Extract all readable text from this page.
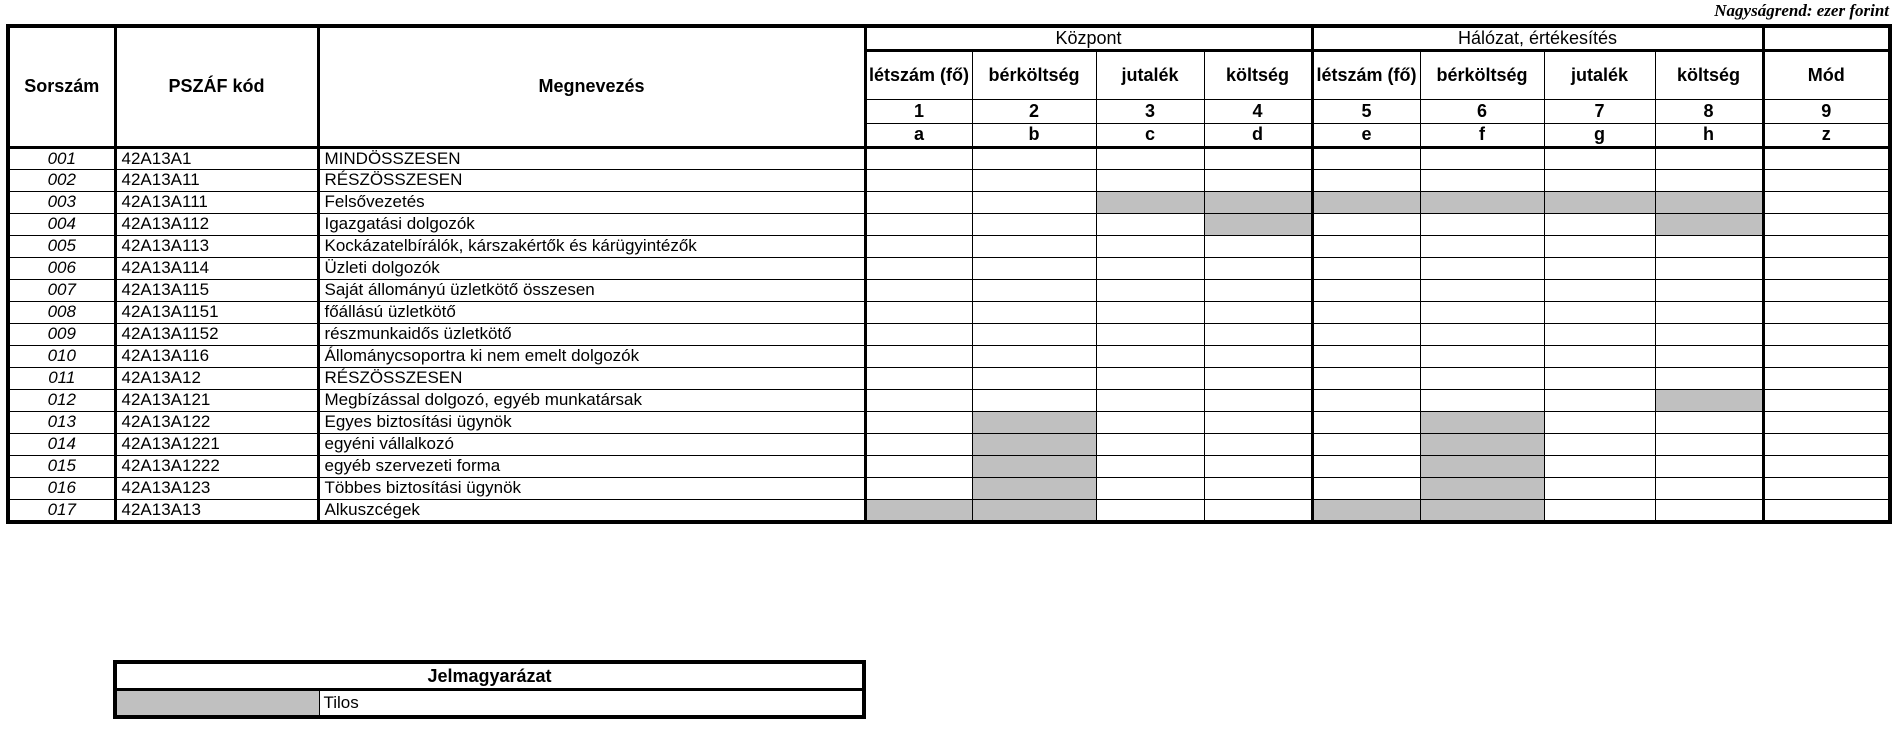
Nagyságrend: ezer forint
Sorszám	PSZÁF kód	Megnevezés	Központ				Hálózat, értékesítés				
			létszám (fő)	bérköltség	jutalék	költség	létszám (fő)	bérköltség	jutalék	költség	Mód
			1	2	3	4	5	6	7	8	9
			a	b	c	d	e	f	g	h	z
001	42A13A1	MINDÖSSZESEN									
002	42A13A11	RÉSZÖSSZESEN									
003	42A13A111	Felsővezetés									
004	42A13A112	Igazgatási dolgozók									
005	42A13A113	Kockázatelbírálók, kárszakértők és kárügyintézők									
006	42A13A114	Üzleti dolgozók									
007	42A13A115	Saját állományú üzletkötő összesen									
008	42A13A1151	főállású üzletkötő									
009	42A13A1152	részmunkaidős üzletkötő									
010	42A13A116	Állománycsoportra ki nem emelt dolgozók									
011	42A13A12	RÉSZÖSSZESEN									
012	42A13A121	Megbízással dolgozó, egyéb munkatársak									
013	42A13A122	Egyes biztosítási ügynök									
014	42A13A1221	egyéni vállalkozó									
015	42A13A1222	egyéb szervezeti forma									
016	42A13A123	Többes biztosítási ügynök									
017	42A13A13	Alkuszcégek									
Jelmagyarázat
	Tilos
